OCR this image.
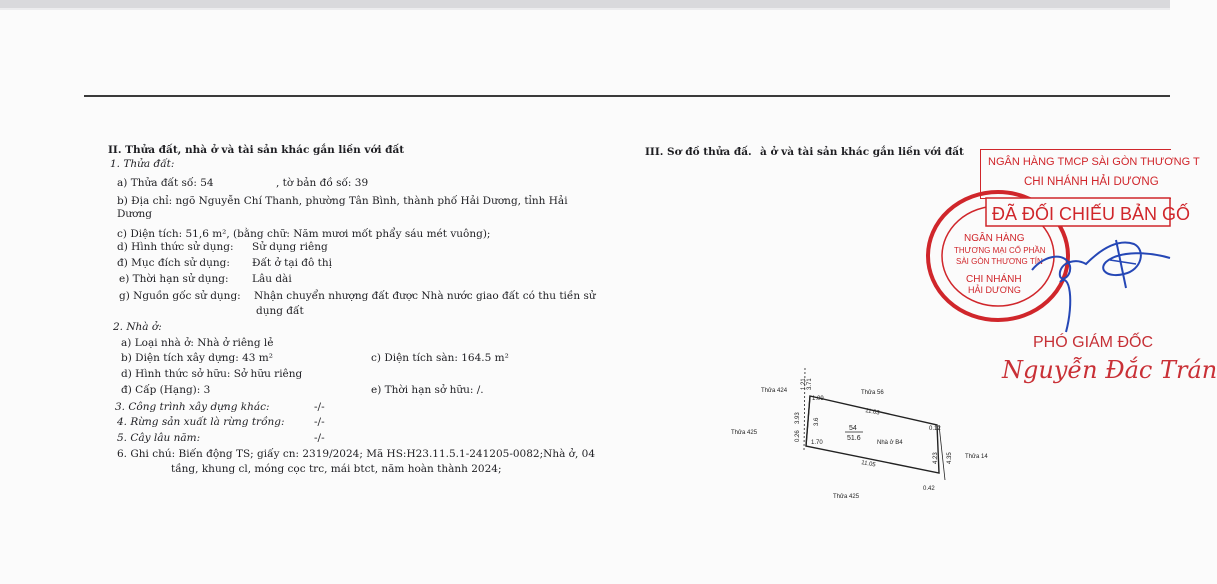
II. Thửa đất, nhà ở và tài sản khác gắn liền với đất
1. Thửa đất:
a) Thửa đất số: 54	, tờ bản đồ số: 39
b) Địa chỉ: ngõ Nguyễn Chí Thanh, phường Tân Bình, thành phố Hải Dương, tỉnh Hải
Dương
c) Diện tích: 51,6 m², (bằng chữ: Năm mươi mốt phẩy sáu mét vuông);
d) Hình thức sử dụng: Sử dụng riêng
đ) Mục đích sử dụng: Đất ở tại đô thị
e) Thời hạn sử dụng: Lâu dài
g) Nguồn gốc sử dụng: Nhận chuyển nhượng đất được Nhà nước giao đất có thu tiền sử
dụng đất
2. Nhà ở:
a) Loại nhà ở: Nhà ở riêng lẻ
b) Diện tích xây dựng: 43 m²	c) Diện tích sàn: 164.5 m²
d) Hình thức sở hữu: Sở hữu riêng
đ) Cấp (Hạng): 3	e) Thời hạn sở hữu: /.
3. Công trình xây dựng khác:	-/-
4. Rừng sản xuất là rừng trồng:	-/-
5. Cây lâu năm:	-/-
6. Ghi chú: Biến động TS; giấy cn: 2319/2024; Mã HS:H23.11.5.1-241205-0082;Nhà ở, 04
tầng, khung cl, móng cọc trc, mái btct, năm hoàn thành 2024;
III. Sơ đồ thửa đấ. à ở và tài sản khác gắn liền với đất
NGÂN HÀNG TMCP SÀI GÒN THƯƠNG T
CHI NHÁNH HẢI DƯƠNG
ĐÃ ĐỐI CHIẾU BẢN GỐ
NGÂN HÀNG
THƯƠNG MẠI CỔ PHẦN
SÀI GÒN THƯƠNG TÍN
CHI NHÁNH
HẢI DƯƠNG
PHÓ GIÁM ĐỐC
Nguyễn Đắc Trán
Thửa 424	Thửa 56
Thửa 425
Thửa 14
Thửa 425
54
51.6
Nhà ở B4
11.03
11.05
0.12
0.42
4.23 4.35
1.09
1.70
0.26
3.93
1.21 3.71
3.6
